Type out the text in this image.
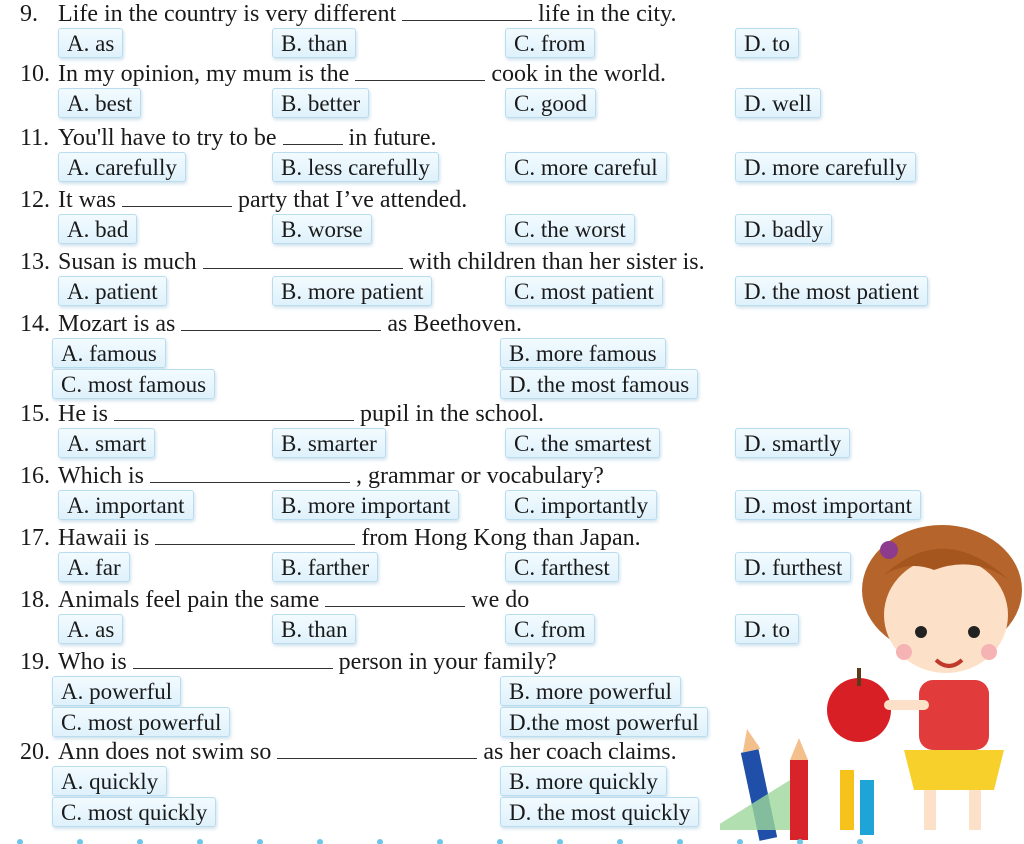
9. Life in the country is very different	life in the city.
A. as	B. than	C. from	D. to
10. In my opinion, my mum is the	cook in the world.
A. best	B. better	C. good	D. well
11. You'll have to try to be	in future.
A. carefully	B. less carefully	C. more careful	D. more carefully
12. It was	party that I’ve attended.
A. bad	B. worse	C. the worst	D. badly
13. Susan is much	with children than her sister is.
A. patient	B. more patient	C. most patient	D. the most patient
14. Mozart is as	as Beethoven.
A. famous	B. more famous
C. most famous	D. the most famous
15. He is	pupil in the school.
A. smart	B. smarter	C. the smartest	D. smartly
16. Which is	, grammar or vocabulary?
A. important	B. more important	C. importantly	D. most important
17. Hawaii is	from Hong Kong than Japan.
A. far	B. farther	C. farthest	D. furthest
18. Animals feel pain the same	we do
A. as	B. than	C. from	D. to
19. Who is	person in your family?
A. powerful	B. more powerful
C. most powerful	D.the most powerful
20. Ann does not swim so	as her coach claims.
A. quickly	B. more quickly
C. most quickly	D. the most quickly
